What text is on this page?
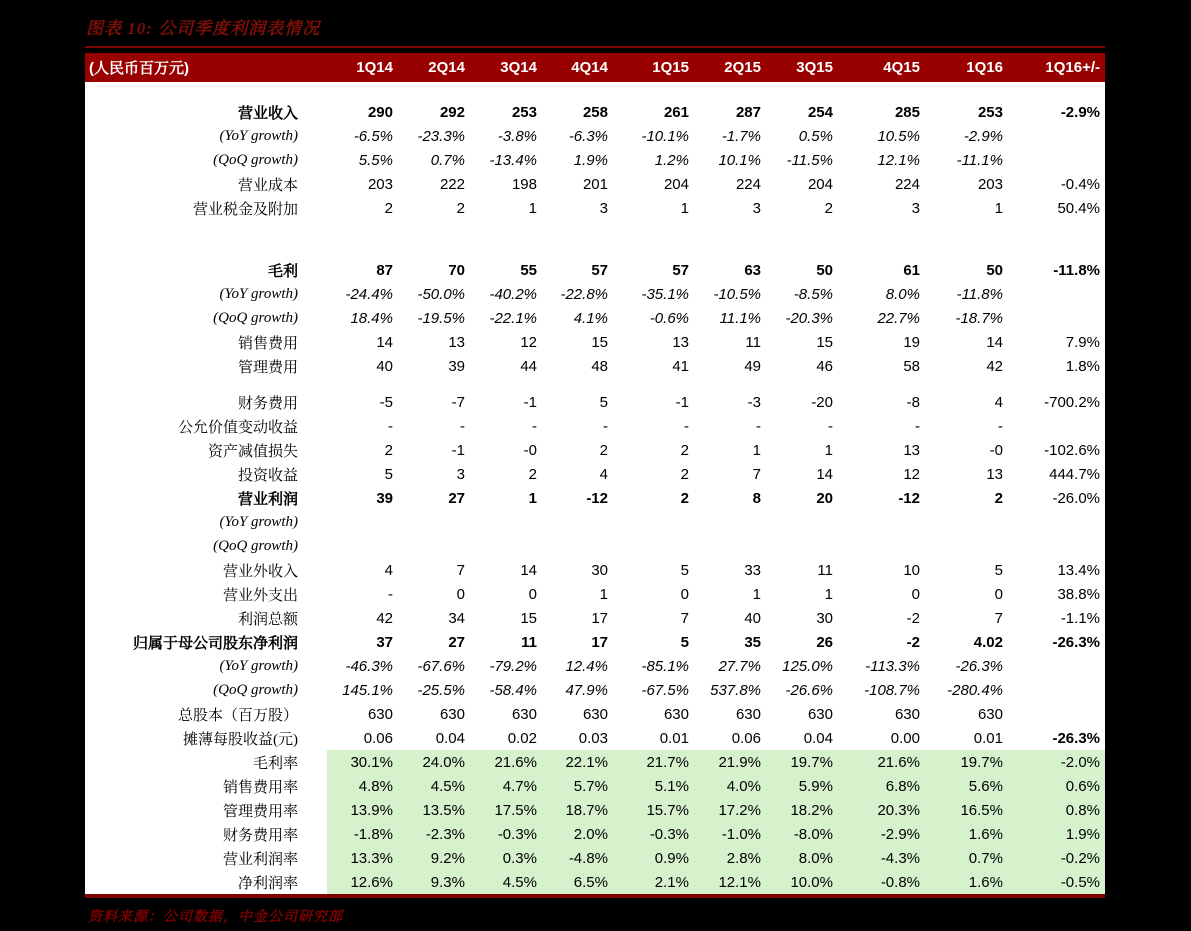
图表 10: 公司季度利润表情况
(人民币百万元)		1Q14	2Q14	3Q14	4Q14	1Q15	2Q15	3Q15	4Q15	1Q16	1Q16+/-

营业收入		290	292	253	258	261	287	254	285	253	-2.9%
(YoY growth)		-6.5%	-23.3%	-3.8%	-6.3%	-10.1%	-1.7%	0.5%	10.5%	-2.9%	
(QoQ growth)		5.5%	0.7%	-13.4%	1.9%	1.2%	10.1%	-11.5%	12.1%	-11.1%	
营业成本		203	222	198	201	204	224	204	224	203	-0.4%
营业税金及附加		2	2	1	3	1	3	2	3	1	50.4%

毛利		87	70	55	57	57	63	50	61	50	-11.8%
(YoY growth)		-24.4%	-50.0%	-40.2%	-22.8%	-35.1%	-10.5%	-8.5%	8.0%	-11.8%	
(QoQ growth)		18.4%	-19.5%	-22.1%	4.1%	-0.6%	11.1%	-20.3%	22.7%	-18.7%	
销售费用		14	13	12	15	13	11	15	19	14	7.9%
管理费用		40	39	44	48	41	49	46	58	42	1.8%

财务费用		-5	-7	-1	5	-1	-3	-20	-8	4	-700.2%
公允价值变动收益		-	-	-	-	-	-	-	-	-	
资产减值损失		2	-1	-0	2	2	1	1	13	-0	-102.6%
投资收益		5	3	2	4	2	7	14	12	13	444.7%
营业利润		39	27	1	-12	2	8	20	-12	2	-26.0%
(YoY growth)											
(QoQ growth)											
营业外收入		4	7	14	30	5	33	11	10	5	13.4%
营业外支出		-	0	0	1	0	1	1	0	0	38.8%
利润总额		42	34	15	17	7	40	30	-2	7	-1.1%
归属于母公司股东净利润		37	27	11	17	5	35	26	-2	4.02	-26.3%
(YoY growth)		-46.3%	-67.6%	-79.2%	12.4%	-85.1%	27.7%	125.0%	-113.3%	-26.3%	
(QoQ growth)		145.1%	-25.5%	-58.4%	47.9%	-67.5%	537.8%	-26.6%	-108.7%	-280.4%	
总股本（百万股）		630	630	630	630	630	630	630	630	630	
摊薄每股收益(元)		0.06	0.04	0.02	0.03	0.01	0.06	0.04	0.00	0.01	-26.3%
毛利率		30.1%	24.0%	21.6%	22.1%	21.7%	21.9%	19.7%	21.6%	19.7%	-2.0%
销售费用率		4.8%	4.5%	4.7%	5.7%	5.1%	4.0%	5.9%	6.8%	5.6%	0.6%
管理费用率		13.9%	13.5%	17.5%	18.7%	15.7%	17.2%	18.2%	20.3%	16.5%	0.8%
财务费用率		-1.8%	-2.3%	-0.3%	2.0%	-0.3%	-1.0%	-8.0%	-2.9%	1.6%	1.9%
营业利润率		13.3%	9.2%	0.3%	-4.8%	0.9%	2.8%	8.0%	-4.3%	0.7%	-0.2%
净利润率		12.6%	9.3%	4.5%	6.5%	2.1%	12.1%	10.0%	-0.8%	1.6%	-0.5%
资料来源：公司数据，中金公司研究部
